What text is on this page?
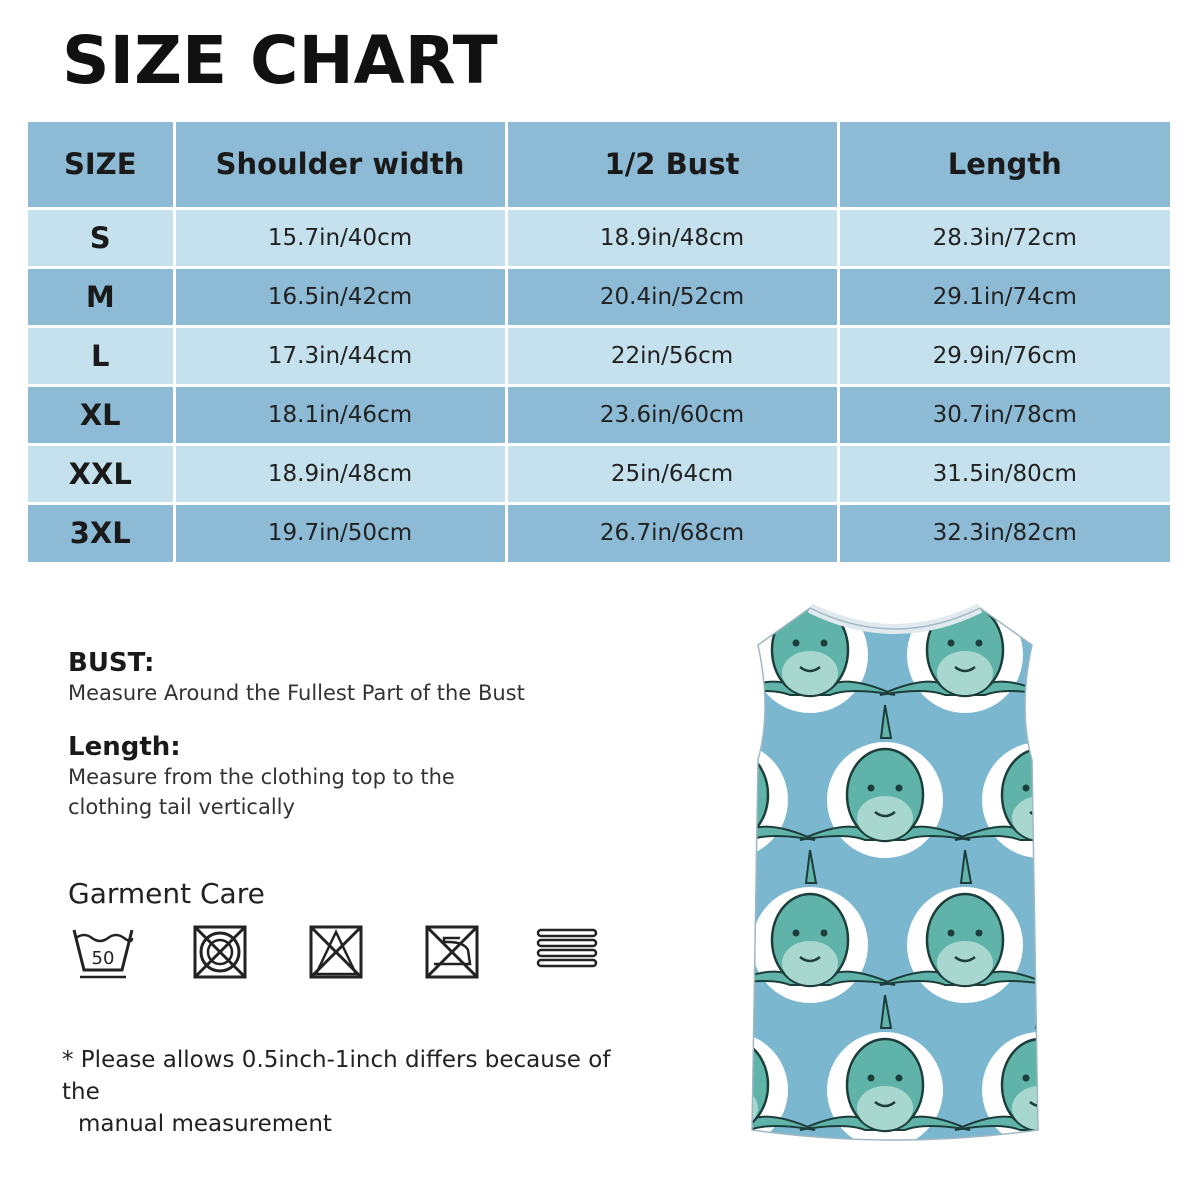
SIZE CHART
SIZE	Shoulder width	1/2 Bust	Length
S	15.7in/40cm	18.9in/48cm	28.3in/72cm
M	16.5in/42cm	20.4in/52cm	29.1in/74cm
L	17.3in/44cm	22in/56cm	29.9in/76cm
XL	18.1in/46cm	23.6in/60cm	30.7in/78cm
XXL	18.9in/48cm	25in/64cm	31.5in/80cm
3XL	19.7in/50cm	26.7in/68cm	32.3in/82cm
BUST:
Measure Around the Fullest Part of the Bust
Length:
Measure from the clothing top to the clothing tail vertically
Garment Care
50
* Please allows 0.5inch-1inch differs because of the
manual measurement
